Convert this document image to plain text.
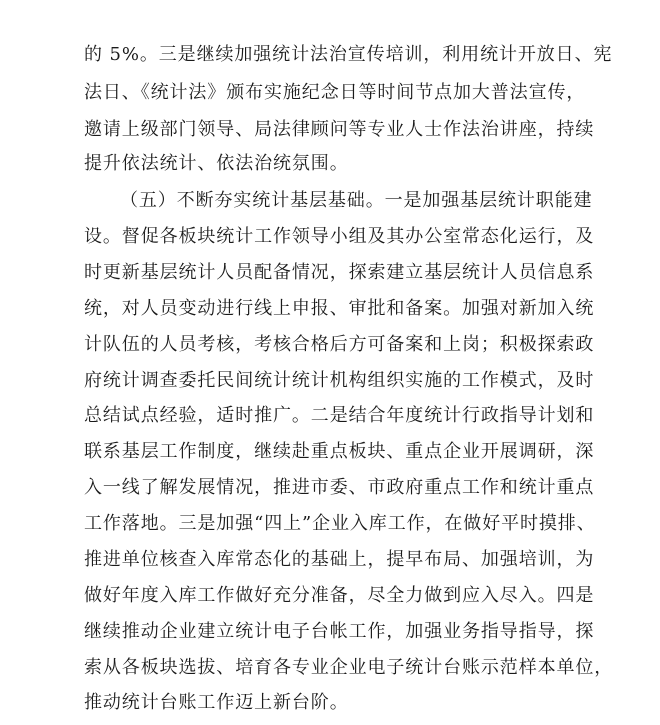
的 5%。三是继续加强统计法治宣传培训，利用统计开放日、宪
法日、《统计法》颁布实施纪念日等时间节点加大普法宣传，
邀请上级部门领导、局法律顾问等专业人士作法治讲座，持续
提升依法统计、依法治统氛围。
（五）不断夯实统计基层基础。一是加强基层统计职能建
设。督促各板块统计工作领导小组及其办公室常态化运行，及
时更新基层统计人员配备情况，探索建立基层统计人员信息系
统，对人员变动进行线上申报、审批和备案。加强对新加入统
计队伍的人员考核，考核合格后方可备案和上岗；积极探索政
府统计调查委托民间统计统计机构组织实施的工作模式，及时
总结试点经验，适时推广。二是结合年度统计行政指导计划和
联系基层工作制度，继续赴重点板块、重点企业开展调研，深
入一线了解发展情况，推进市委、市政府重点工作和统计重点
工作落地。三是加强“四上”企业入库工作，在做好平时摸排、
推进单位核查入库常态化的基础上，提早布局、加强培训，为
做好年度入库工作做好充分准备，尽全力做到应入尽入。四是
继续推动企业建立统计电子台帐工作，加强业务指导指导，探
索从各板块选拔、培育各专业企业电子统计台账示范样本单位，
推动统计台账工作迈上新台阶。
